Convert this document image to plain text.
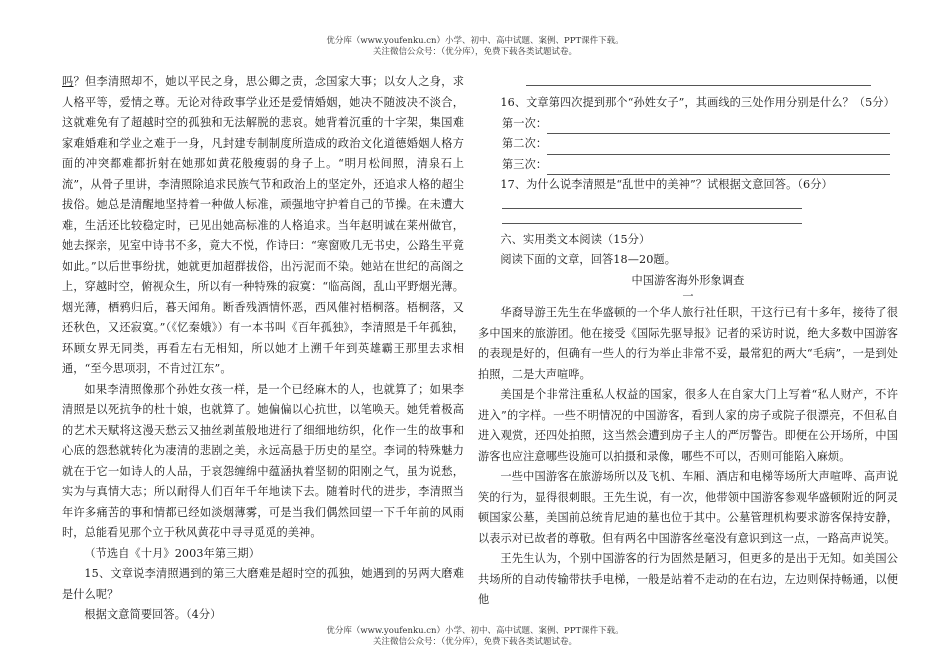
优分库（www.youfenku.cn）小学、初中、高中试题、案例、PPT课件下载。
关注微信公众号：（优分库），免费下载各类试题试卷。

吗？但李清照却不，她以平民之身，思公卿之责，念国家大事；以女人之身，求人格平等，爱情之尊。无论对待政事学业还是爱情婚姻，她决不随波决不淡合，这就难免有了超越时空的孤独和无法解脱的悲哀。她背着沉重的十字架，集国难家难婚难和学业之难于一身，凡封建专制制度所造成的政治文化道德婚姻人格方面的冲突都难都折射在她那如黄花般瘦弱的身子上。“明月松间照，清泉石上流”，从骨子里讲，李清照除追求民族气节和政治上的坚定外，还追求人格的超尘拔俗。她总是清醒地坚持着一种做人标准，顽强地守护着自己的节操。在未遭大难，生活还比较稳定时，已见出她高标准的人格追求。当年赵明诚在莱州做官，她去探亲，见室中诗书不多，竟大不悦，作诗曰：“寒窗败几无书史，公路生平竟如此。”以后世事纷扰，她就更加超群拔俗，出污泥而不染。她站在世纪的高阁之上，穿越时空，俯视众生，所以有一种特殊的寂寞：“临高阁，乱山平野烟光薄。烟光薄，栖鸦归后，暮天闻角。断香残酒情怀恶，西风催衬梧桐落。梧桐落，又还秋色，又还寂寞。”（《忆秦娥》）有一本书叫《百年孤独》，李清照是千年孤独，环顾女界无同类，再看左右无相知，所以她才上溯千年到英雄霸王那里去求相通，“至今思项羽，不肯过江东”。

如果李清照像那个孙姓女孩一样，是一个已经麻木的人，也就算了；如果李清照是以死抗争的杜十娘，也就算了。她偏偏以心抗世，以笔唤天。她凭着极高的艺术天赋将这漫天愁云又抽丝剥茧般地进行了细细地纺织，化作一生的故事和心底的怨愁就转化为凄清的悲剧之美，永远高悬于历史的星空。李词的特殊魅力就在于它一如诗人的人品，于哀怨缠绵中蕴涵执着坚韧的阳刚之气，虽为说愁，实为与真情大志；所以耐得人们百年千年地读下去。随着时代的进步，李清照当年许多痛苦的事和情都已经如淡烟薄雾，可是当我们偶然回望一下千年前的风雨时，总能看见那个立于秋风黄花中寻寻觅觅的美神。

（节选自《十月》2003年第三期）

15、文章说李清照遇到的第三大磨难是超时空的孤独，她遇到的另两大磨难是什么呢？

根据文意简要回答。（4分）

16、文章第四次提到那个“孙姓女子”，其画线的三处作用分别是什么？（5分）

第一次：
第二次：
第三次：

17、为什么说李清照是“乱世中的美神”？试根据文意回答。（6分）

六、实用类文本阅读（15分）

阅读下面的文章，回答18—20题。

中国游客海外形象调查

一

华裔导游王先生在华盛顿的一个华人旅行社任职，干这行已有十多年，接待了很多中国来的旅游团。他在接受《国际先驱导报》记者的采访时说，绝大多数中国游客的表现是好的，但确有一些人的行为举止非常不妥，最常犯的两大“毛病”，一是到处拍照，二是大声喧哗。

美国是个非常注重私人权益的国家，很多人在自家大门上写着“私人财产，不许进入”的字样。一些不明情况的中国游客，看到人家的房子或院子很漂亮，不但私自进入观赏，还四处拍照，这当然会遭到房子主人的严厉警告。即便在公开场所，中国游客也应注意哪些设施可以拍摄和录像，哪些不可以，否则可能陷入麻烦。

一些中国游客在旅游场所以及飞机、车厢、酒店和电梯等场所大声喧哗、高声说笑的行为，显得很刺眼。王先生说，有一次，他带领中国游客参观华盛顿附近的阿灵顿国家公墓，美国前总统肯尼迪的墓也位于其中。公墓管理机构要求游客保持安静，以表示对已故者的尊敬。但有两名中国游客丝毫没有意识到这一点，一路高声说笑。

王先生认为，个别中国游客的行为固然是陋习，但更多的是出于无知。如美国公共场所的自动传输带扶手电梯，一般是站着不走动的在右边，左边则保持畅通，以便他

优分库（www.youfenku.cn）小学、初中、高中试题、案例、PPT课件下载。
关注微信公众号：（优分库），免费下载各类试题试卷。
